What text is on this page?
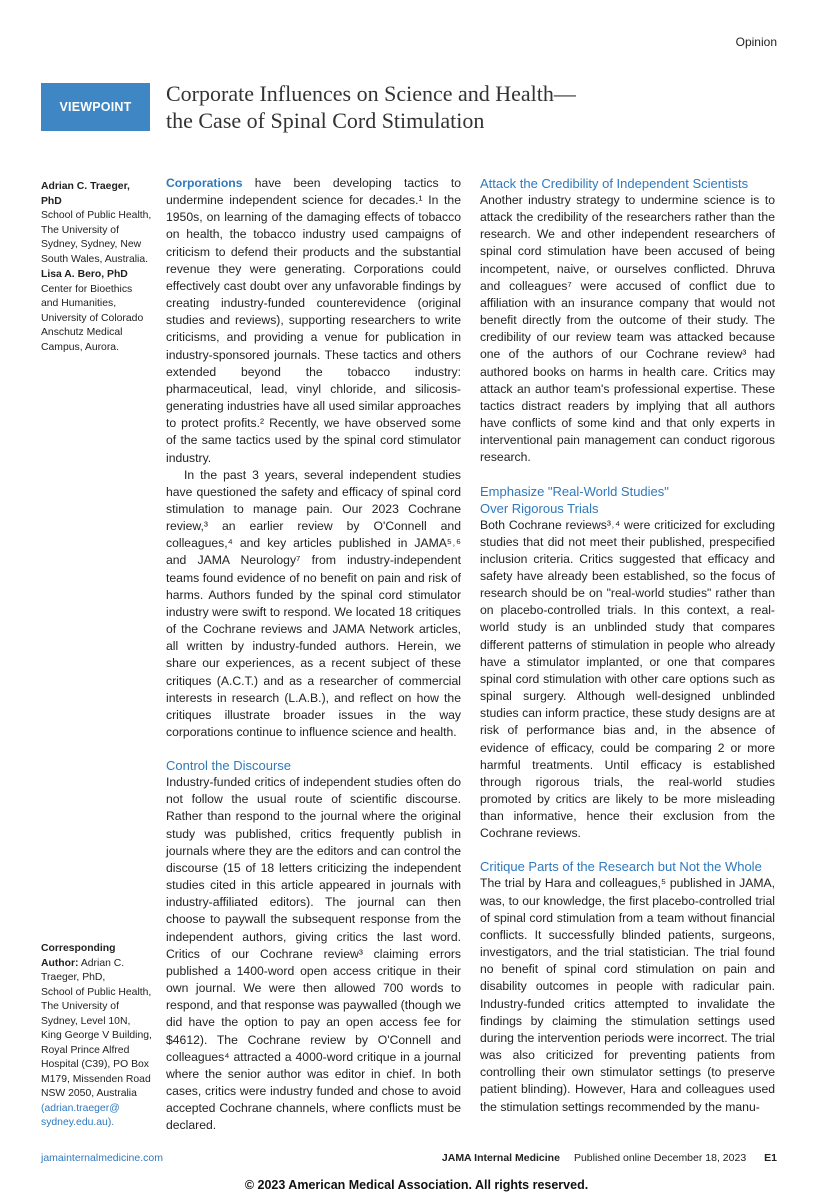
Opinion
VIEWPOINT
Corporate Influences on Science and Health—
the Case of Spinal Cord Stimulation
Adrian C. Traeger, PhD
School of Public Health,
The University of
Sydney, Sydney, New
South Wales, Australia.
Lisa A. Bero, PhD
Center for Bioethics
and Humanities,
University of Colorado
Anschutz Medical
Campus, Aurora.
Corresponding
Author: Adrian C.
Traeger, PhD,
School of Public Health,
The University of
Sydney, Level 10N,
King George V Building,
Royal Prince Alfred
Hospital (C39), PO Box
M179, Missenden Road
NSW 2050, Australia
(adrian.traeger@
sydney.edu.au).

Corporations have been developing tactics to undermine independent science for decades.¹ In the 1950s, on learning of the damaging effects of tobacco on health, the tobacco industry used campaigns of criticism to defend their products and the substantial revenue they were generating. Corporations could effectively cast doubt over any unfavorable findings by creating industry-funded counterevidence (original studies and reviews), supporting researchers to write criticisms, and providing a venue for publication in industry-sponsored journals. These tactics and others extended beyond the tobacco industry: pharmaceutical, lead, vinyl chloride, and silicosis-generating industries have all used similar approaches to protect profits.² Recently, we have observed some of the same tactics used by the spinal cord stimulator industry.

In the past 3 years, several independent studies have questioned the safety and efficacy of spinal cord stimulation to manage pain. Our 2023 Cochrane review,³ an earlier review by O'Connell and colleagues,⁴ and key articles published in JAMA⁵˒⁶ and JAMA Neurology⁷ from industry-independent teams found evidence of no benefit on pain and risk of harms. Authors funded by the spinal cord stimulator industry were swift to respond. We located 18 critiques of the Cochrane reviews and JAMA Network articles, all written by industry-funded authors. Herein, we share our experiences, as a recent subject of these critiques (A.C.T.) and as a researcher of commercial interests in research (L.A.B.), and reflect on how the critiques illustrate broader issues in the way corporations continue to influence science and health.

Control the Discourse

Industry-funded critics of independent studies often do not follow the usual route of scientific discourse. Rather than respond to the journal where the original study was published, critics frequently publish in journals where they are the editors and can control the discourse (15 of 18 letters criticizing the independent studies cited in this article appeared in journals with industry-affiliated editors). The journal can then choose to paywall the subsequent response from the independent authors, giving critics the last word. Critics of our Cochrane review³ claiming errors published a 1400-word open access critique in their own journal. We were then allowed 700 words to respond, and that response was paywalled (though we did have the option to pay an open access fee for $4612). The Cochrane review by O'Connell and colleagues⁴ attracted a 4000-word critique in a journal where the senior author was editor in chief. In both cases, critics were industry funded and chose to avoid accepted Cochrane channels, where conflicts must be declared.

Attack the Credibility of Independent Scientists

Another industry strategy to undermine science is to attack the credibility of the researchers rather than the research. We and other independent researchers of spinal cord stimulation have been accused of being incompetent, naive, or ourselves conflicted. Dhruva and colleagues⁷ were accused of conflict due to affiliation with an insurance company that would not benefit directly from the outcome of their study. The credibility of our review team was attacked because one of the authors of our Cochrane review³ had authored books on harms in health care. Critics may attack an author team's professional expertise. These tactics distract readers by implying that all authors have conflicts of some kind and that only experts in interventional pain management can conduct rigorous research.

Emphasize "Real-World Studies"
Over Rigorous Trials

Both Cochrane reviews³˒⁴ were criticized for excluding studies that did not meet their published, prespecified inclusion criteria. Critics suggested that efficacy and safety have already been established, so the focus of research should be on "real-world studies" rather than on placebo-controlled trials. In this context, a real-world study is an unblinded study that compares different patterns of stimulation in people who already have a stimulator implanted, or one that compares spinal cord stimulation with other care options such as spinal surgery. Although well-designed unblinded studies can inform practice, these study designs are at risk of performance bias and, in the absence of evidence of efficacy, could be comparing 2 or more harmful treatments. Until efficacy is established through rigorous trials, the real-world studies promoted by critics are likely to be more misleading than informative, hence their exclusion from the Cochrane reviews.

Critique Parts of the Research but Not the Whole

The trial by Hara and colleagues,⁵ published in JAMA, was, to our knowledge, the first placebo-controlled trial of spinal cord stimulation from a team without financial conflicts. It successfully blinded patients, surgeons, investigators, and the trial statistician. The trial found no benefit of spinal cord stimulation on pain and disability outcomes in people with radicular pain. Industry-funded critics attempted to invalidate the findings by claiming the stimulation settings used during the intervention periods were incorrect. The trial was also criticized for preventing patients from controlling their own stimulator settings (to preserve patient blinding). However, Hara and colleagues used the stimulation settings recommended by the manu-

jamainternalmedicine.com	JAMA Internal Medicine Published online December 18, 2023 E1
© 2023 American Medical Association. All rights reserved.
